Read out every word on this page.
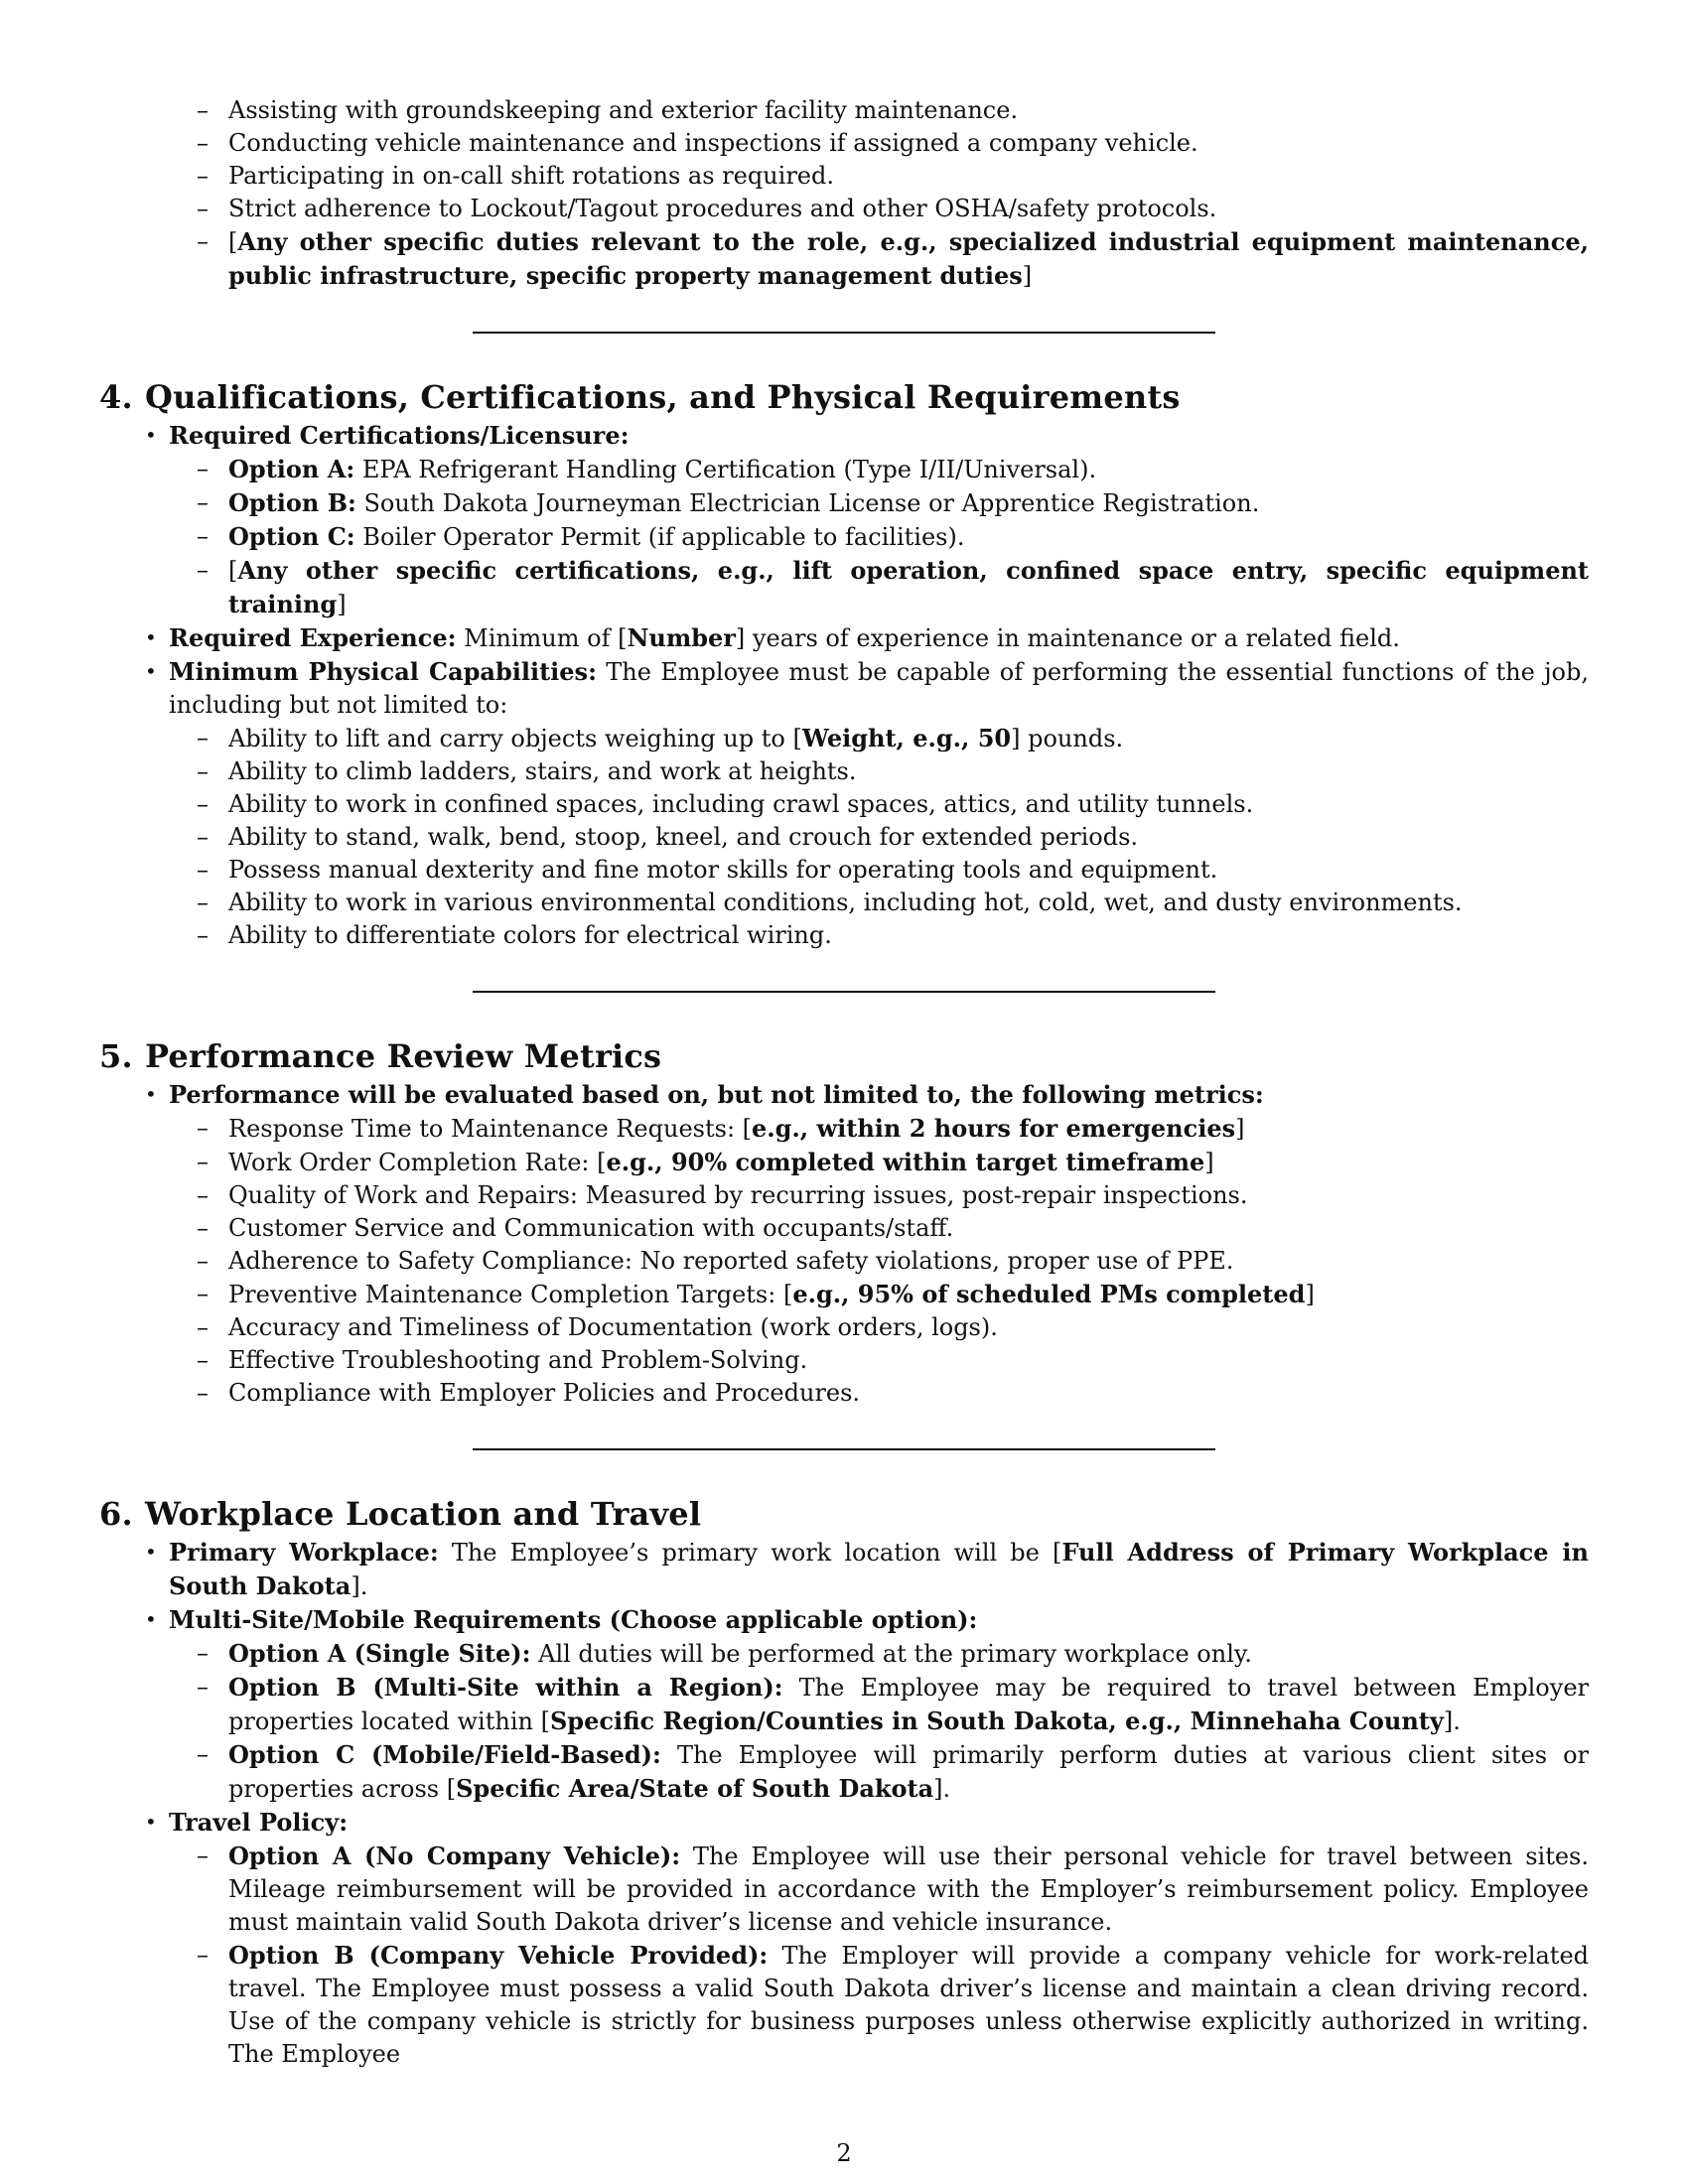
– Assisting with groundskeeping and exterior facility maintenance.
– Conducting vehicle maintenance and inspections if assigned a company vehicle.
– Participating in on-call shift rotations as required.
– Strict adherence to Lockout/Tagout procedures and other OSHA/safety protocols.
– [Any other specific duties relevant to the role, e.g., specialized industrial equipment maintenance, public infrastructure, specific property management duties]
4. Qualifications, Certifications, and Physical Requirements
• Required Certifications/Licensure:
– Option A: EPA Refrigerant Handling Certification (Type I/II/Universal).
– Option B: South Dakota Journeyman Electrician License or Apprentice Registration.
– Option C: Boiler Operator Permit (if applicable to facilities).
– [Any other specific certifications, e.g., lift operation, confined space entry, specific equipment training]
• Required Experience: Minimum of [Number] years of experience in maintenance or a related field.
• Minimum Physical Capabilities: The Employee must be capable of performing the essential functions of the job, including but not limited to:
– Ability to lift and carry objects weighing up to [Weight, e.g., 50] pounds.
– Ability to climb ladders, stairs, and work at heights.
– Ability to work in confined spaces, including crawl spaces, attics, and utility tunnels.
– Ability to stand, walk, bend, stoop, kneel, and crouch for extended periods.
– Possess manual dexterity and fine motor skills for operating tools and equipment.
– Ability to work in various environmental conditions, including hot, cold, wet, and dusty environments.
– Ability to differentiate colors for electrical wiring.
5. Performance Review Metrics
• Performance will be evaluated based on, but not limited to, the following metrics:
– Response Time to Maintenance Requests: [e.g., within 2 hours for emergencies]
– Work Order Completion Rate: [e.g., 90% completed within target timeframe]
– Quality of Work and Repairs: Measured by recurring issues, post-repair inspections.
– Customer Service and Communication with occupants/staff.
– Adherence to Safety Compliance: No reported safety violations, proper use of PPE.
– Preventive Maintenance Completion Targets: [e.g., 95% of scheduled PMs completed]
– Accuracy and Timeliness of Documentation (work orders, logs).
– Effective Troubleshooting and Problem-Solving.
– Compliance with Employer Policies and Procedures.
6. Workplace Location and Travel
• Primary Workplace: The Employee’s primary work location will be [Full Address of Primary Workplace in South Dakota].
• Multi-Site/Mobile Requirements (Choose applicable option):
– Option A (Single Site): All duties will be performed at the primary workplace only.
– Option B (Multi-Site within a Region): The Employee may be required to travel between Employer properties located within [Specific Region/Counties in South Dakota, e.g., Minnehaha County].
– Option C (Mobile/Field-Based): The Employee will primarily perform duties at various client sites or properties across [Specific Area/State of South Dakota].
• Travel Policy:
– Option A (No Company Vehicle): The Employee will use their personal vehicle for travel between sites. Mileage reimbursement will be provided in accordance with the Employer’s reimbursement policy. Employee must maintain valid South Dakota driver’s license and vehicle insurance.
– Option B (Company Vehicle Provided): The Employer will provide a company vehicle for work-related travel. The Employee must possess a valid South Dakota driver’s license and maintain a clean driving record. Use of the company vehicle is strictly for business purposes unless otherwise explicitly authorized in writing. The Employee
2
